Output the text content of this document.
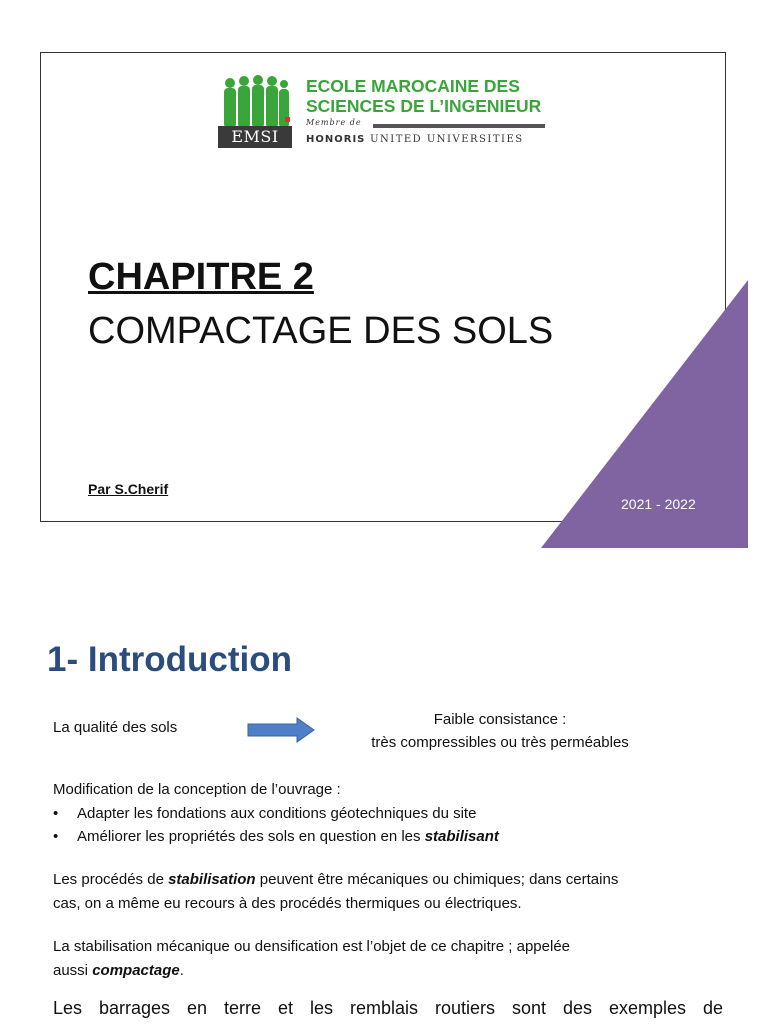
EMSI
ECOLE MAROCAINE DES
SCIENCES DE L’INGENIEUR
Membre de
HONORIS UNITED UNIVERSITIES
CHAPITRE 2
COMPACTAGE DES SOLS
Par S.Cherif
2021 - 2022
1- Introduction
La qualité des sols	Faible consistance :
très compressibles ou très perméables
Modification de la conception de l’ouvrage :
• Adapter les fondations aux conditions géotechniques du site
• Améliorer les propriétés des sols en question en les stabilisant
Les procédés de stabilisation peuvent être mécaniques ou chimiques; dans certains
cas, on a même eu recours à des procédés thermiques ou électriques.
La stabilisation mécanique ou densification est l’objet de ce chapitre ; appelée
aussi compactage.
Les barrages en terre et les remblais routiers sont des exemples de
